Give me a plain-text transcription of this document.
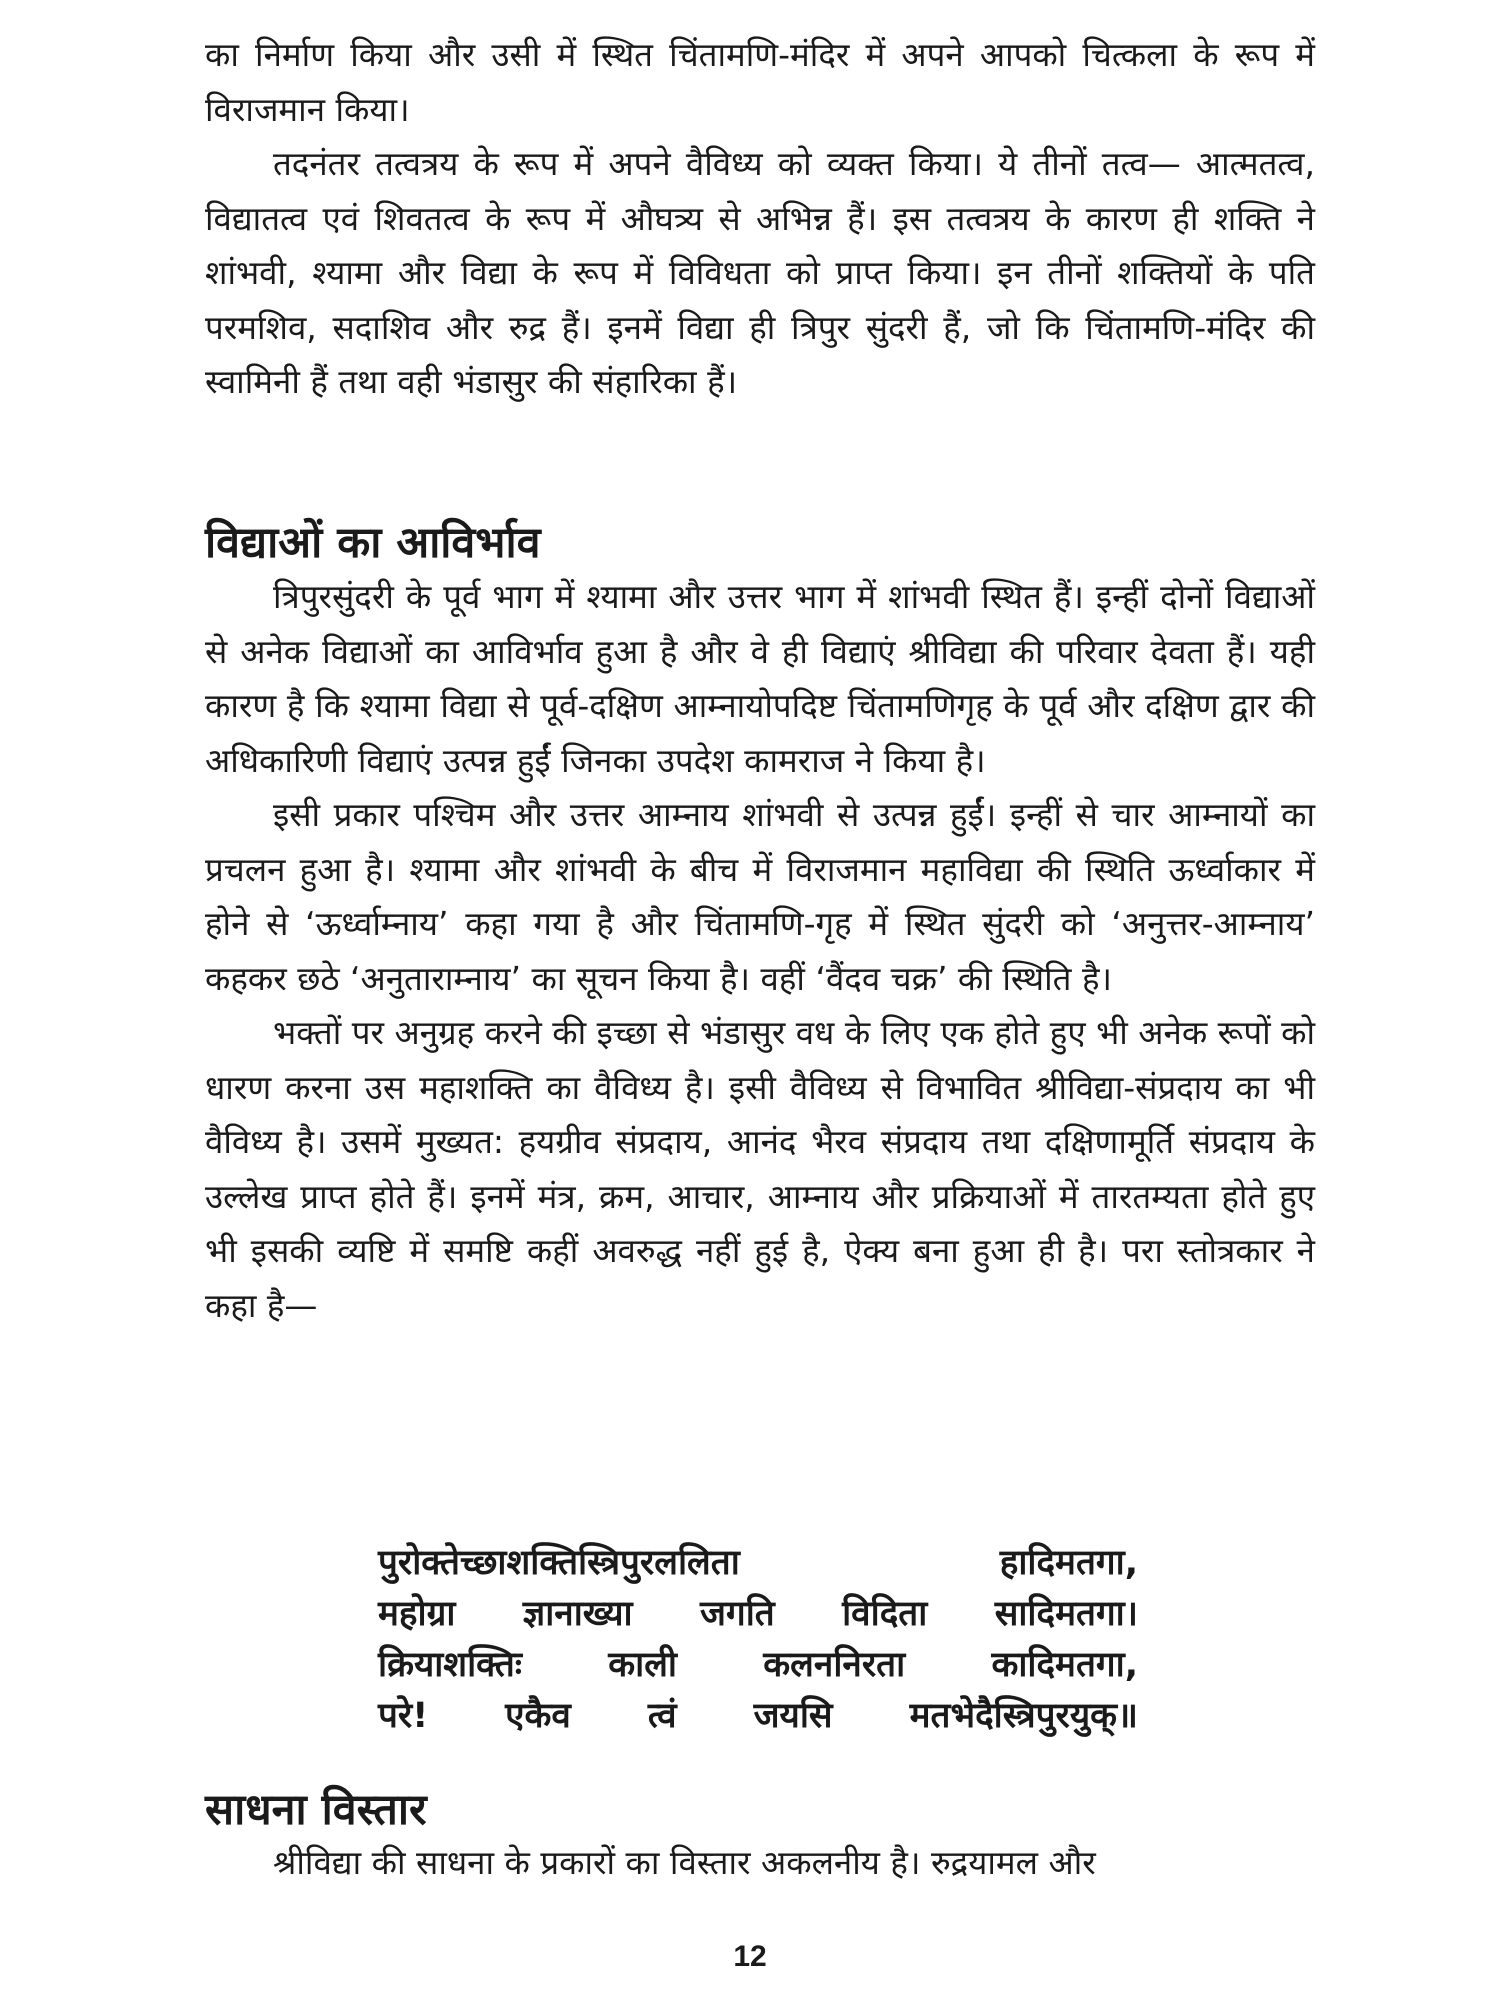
का निर्माण किया और उसी में स्थित चिंतामणि-मंदिर में अपने आपको चित्कला के रूप में विराजमान किया।

तदनंतर तत्वत्रय के रूप में अपने वैविध्य को व्यक्त किया। ये तीनों तत्व— आत्मतत्व, विद्यातत्व एवं शिवतत्व के रूप में औघत्र्य से अभिन्न हैं। इस तत्वत्रय के कारण ही शक्ति ने शांभवी, श्यामा और विद्या के रूप में विविधता को प्राप्त किया। इन तीनों शक्तियों के पति परमशिव, सदाशिव और रुद्र हैं। इनमें विद्या ही त्रिपुर सुंदरी हैं, जो कि चिंतामणि-मंदिर की स्वामिनी हैं तथा वही भंडासुर की संहारिका हैं।

विद्याओं का आविर्भाव

त्रिपुरसुंदरी के पूर्व भाग में श्यामा और उत्तर भाग में शांभवी स्थित हैं। इन्हीं दोनों विद्याओं से अनेक विद्याओं का आविर्भाव हुआ है और वे ही विद्याएं श्रीविद्या की परिवार देवता हैं। यही कारण है कि श्यामा विद्या से पूर्व-दक्षिण आम्नायोपदिष्ट चिंतामणिगृह के पूर्व और दक्षिण द्वार की अधिकारिणी विद्याएं उत्पन्न हुईं जिनका उपदेश कामराज ने किया है।

इसी प्रकार पश्चिम और उत्तर आम्नाय शांभवी से उत्पन्न हुईं। इन्हीं से चार आम्नायों का प्रचलन हुआ है। श्यामा और शांभवी के बीच में विराजमान महाविद्या की स्थिति ऊर्ध्वाकार में होने से ‘ऊर्ध्वाम्नाय’ कहा गया है और चिंतामणि-गृह में स्थित सुंदरी को ‘अनुत्तर-आम्नाय’ कहकर छठे ‘अनुताराम्नाय’ का सूचन किया है। वहीं ‘वैंदव चक्र’ की स्थिति है।

भक्तों पर अनुग्रह करने की इच्छा से भंडासुर वध के लिए एक होते हुए भी अनेक रूपों को धारण करना उस महाशक्ति का वैविध्य है। इसी वैविध्य से विभावित श्रीविद्या-संप्रदाय का भी वैविध्य है। उसमें मुख्यत: हयग्रीव संप्रदाय, आनंद भैरव संप्रदाय तथा दक्षिणामूर्ति संप्रदाय के उल्लेख प्राप्त होते हैं। इनमें मंत्र, क्रम, आचार, आम्नाय और प्रक्रियाओं में तारतम्यता होते हुए भी इसकी व्यष्टि में समष्टि कहीं अवरुद्ध नहीं हुई है, ऐक्य बना हुआ ही है। परा स्तोत्रकार ने कहा है—

पुरोक्तेच्छाशक्तिस्त्रिपुरललिता हादिमतगा,
महोग्रा ज्ञानाख्या जगति विदिता सादिमतगा।
क्रियाशक्तिः काली कलननिरता कादिमतगा,
परे! एकैव त्वं जयसि मतभेदैस्त्रिपुरयुक्॥
साधना विस्तार

श्रीविद्या की साधना के प्रकारों का विस्तार अकलनीय है। रुद्रयामल और

12
